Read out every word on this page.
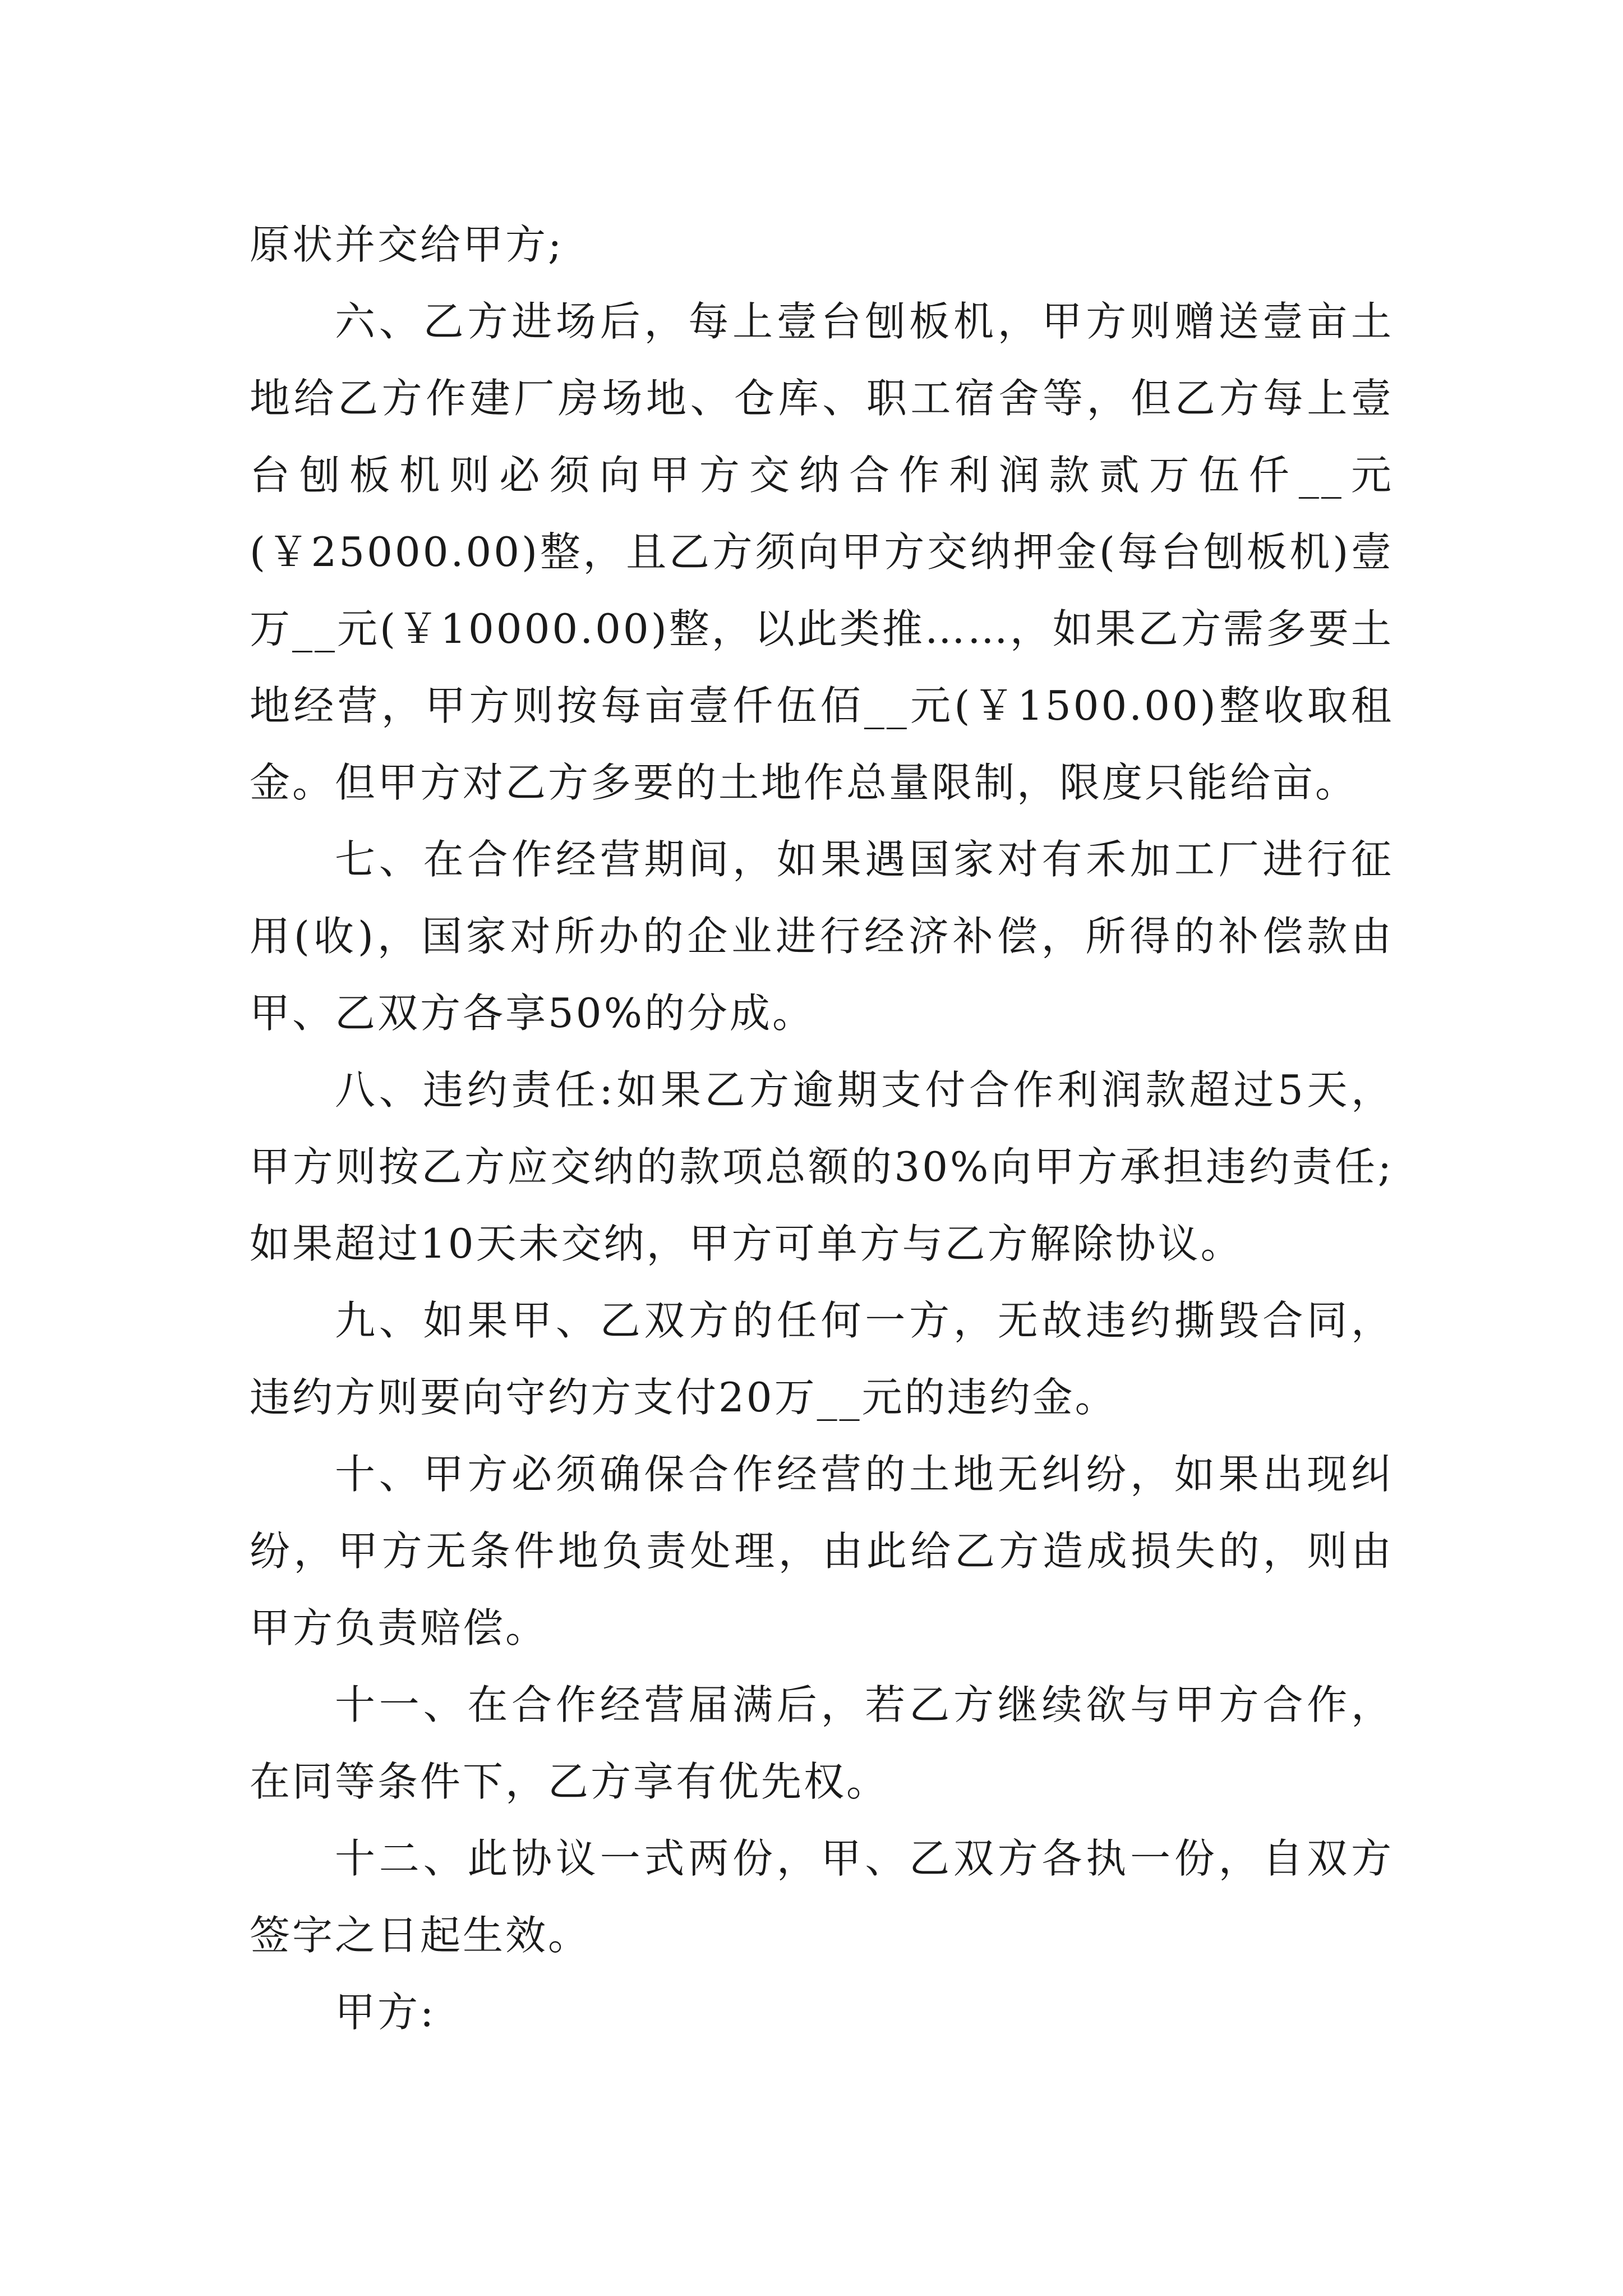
原状并交给甲方;

六、乙方进场后，每上壹台刨板机，甲方则赠送壹亩土地给乙方作建厂房场地、仓库、职工宿舍等，但乙方每上壹台刨板机则必须向甲方交纳合作利润款贰万伍仟__元(￥25000.00)整，且乙方须向甲方交纳押金(每台刨板机)壹万__元(￥10000.00)整，以此类推……，如果乙方需多要土地经营，甲方则按每亩壹仟伍佰__元(￥1500.00)整收取租金。但甲方对乙方多要的土地作总量限制，限度只能给亩。

七、在合作经营期间，如果遇国家对有禾加工厂进行征用(收)，国家对所办的企业进行经济补偿，所得的补偿款由甲、乙双方各享50%的分成。

八、违约责任:如果乙方逾期支付合作利润款超过5天，甲方则按乙方应交纳的款项总额的30%向甲方承担违约责任;如果超过10天未交纳，甲方可单方与乙方解除协议。

九、如果甲、乙双方的任何一方，无故违约撕毁合同，违约方则要向守约方支付20万__元的违约金。

十、甲方必须确保合作经营的土地无纠纷，如果出现纠纷，甲方无条件地负责处理，由此给乙方造成损失的，则由甲方负责赔偿。

十一、在合作经营届满后，若乙方继续欲与甲方合作，在同等条件下，乙方享有优先权。

十二、此协议一式两份，甲、乙双方各执一份，自双方签字之日起生效。

甲方:
